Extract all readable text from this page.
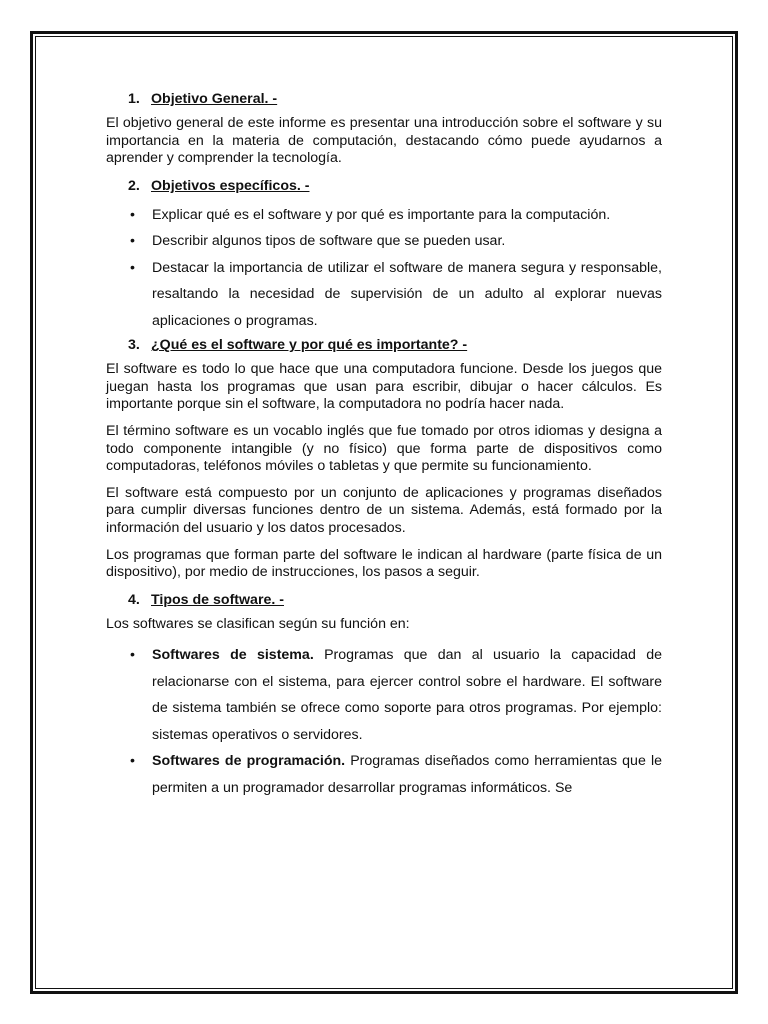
1. Objetivo General. -

El objetivo general de este informe es presentar una introducción sobre el software y su importancia en la materia de computación, destacando cómo puede ayudarnos a aprender y comprender la tecnología.

2. Objetivos específicos. -
• Explicar qué es el software y por qué es importante para la computación.
• Describir algunos tipos de software que se pueden usar.
• Destacar la importancia de utilizar el software de manera segura y responsable, resaltando la necesidad de supervisión de un adulto al explorar nuevas aplicaciones o programas.
3. ¿Qué es el software y por qué es importante? -

El software es todo lo que hace que una computadora funcione. Desde los juegos que juegan hasta los programas que usan para escribir, dibujar o hacer cálculos. Es importante porque sin el software, la computadora no podría hacer nada.

El término software es un vocablo inglés que fue tomado por otros idiomas y designa a todo componente intangible (y no físico) que forma parte de dispositivos como computadoras, teléfonos móviles o tabletas y que permite su funcionamiento.

El software está compuesto por un conjunto de aplicaciones y programas diseñados para cumplir diversas funciones dentro de un sistema. Además, está formado por la información del usuario y los datos procesados.

Los programas que forman parte del software le indican al hardware (parte física de un dispositivo), por medio de instrucciones, los pasos a seguir.

4. Tipos de software. -

Los softwares se clasifican según su función en:

• Softwares de sistema. Programas que dan al usuario la capacidad de relacionarse con el sistema, para ejercer control sobre el hardware. El software de sistema también se ofrece como soporte para otros programas. Por ejemplo: sistemas operativos o servidores.
• Softwares de programación. Programas diseñados como herramientas que le permiten a un programador desarrollar programas informáticos. Se
